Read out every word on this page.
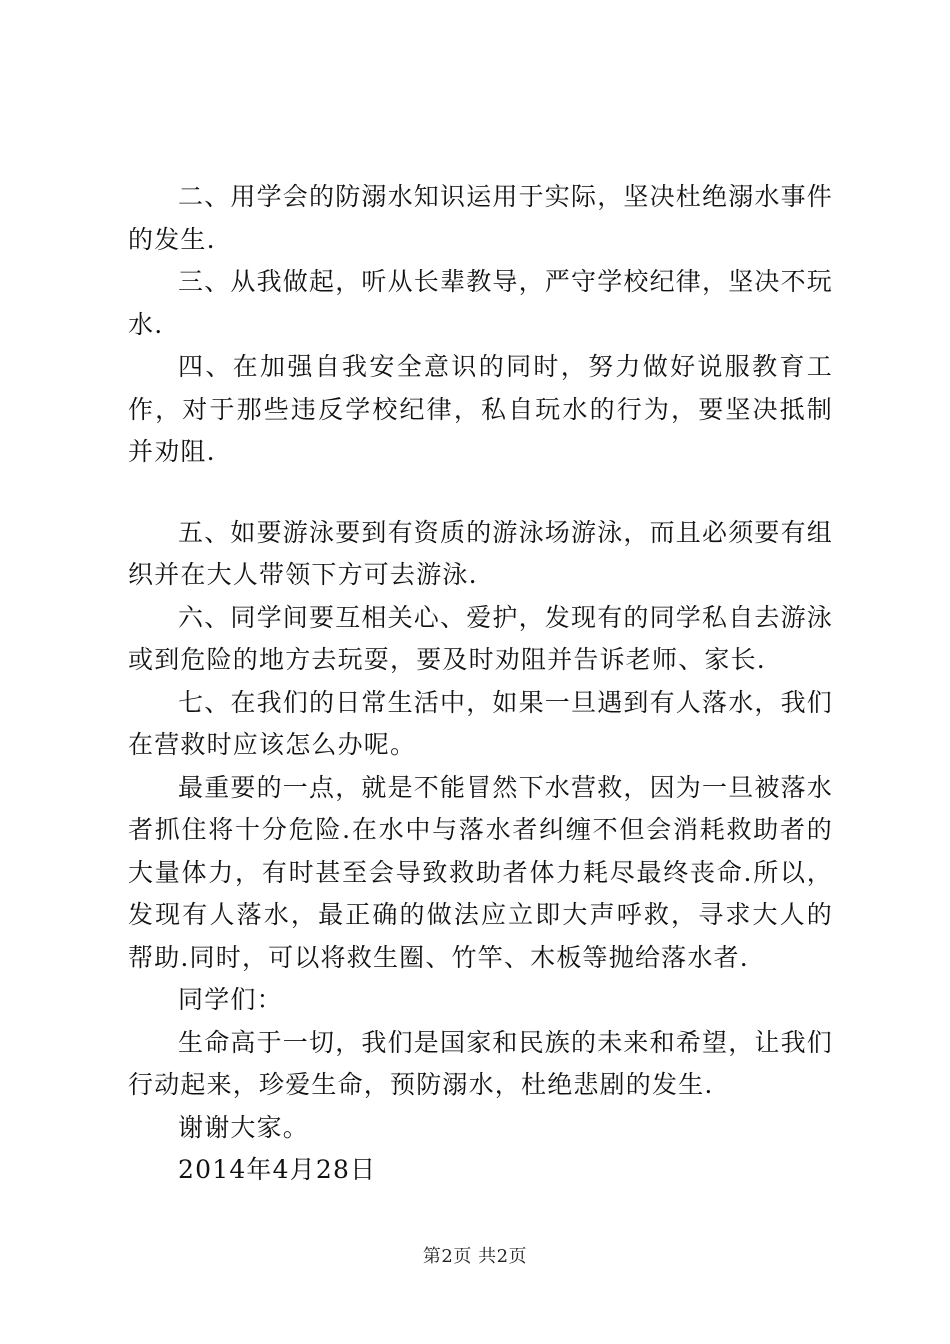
二、用学会的防溺水知识运用于实际，坚决杜绝溺水事件的发生.

三、从我做起，听从长辈教导，严守学校纪律，坚决不玩水.

四、在加强自我安全意识的同时，努力做好说服教育工作，对于那些违反学校纪律，私自玩水的行为，要坚决抵制并劝阻.

五、如要游泳要到有资质的游泳场游泳，而且必须要有组织并在大人带领下方可去游泳.

六、同学间要互相关心、爱护，发现有的同学私自去游泳或到危险的地方去玩耍，要及时劝阻并告诉老师、家长.

七、在我们的日常生活中，如果一旦遇到有人落水，我们在营救时应该怎么办呢。

最重要的一点，就是不能冒然下水营救，因为一旦被落水者抓住将十分危险.在水中与落水者纠缠不但会消耗救助者的大量体力，有时甚至会导致救助者体力耗尽最终丧命.所以，发现有人落水，最正确的做法应立即大声呼救，寻求大人的帮助.同时，可以将救生圈、竹竿、木板等抛给落水者.

同学们：

生命高于一切，我们是国家和民族的未来和希望，让我们行动起来，珍爱生命，预防溺水，杜绝悲剧的发生.

谢谢大家。

2014年4月28日

第2页 共2页
